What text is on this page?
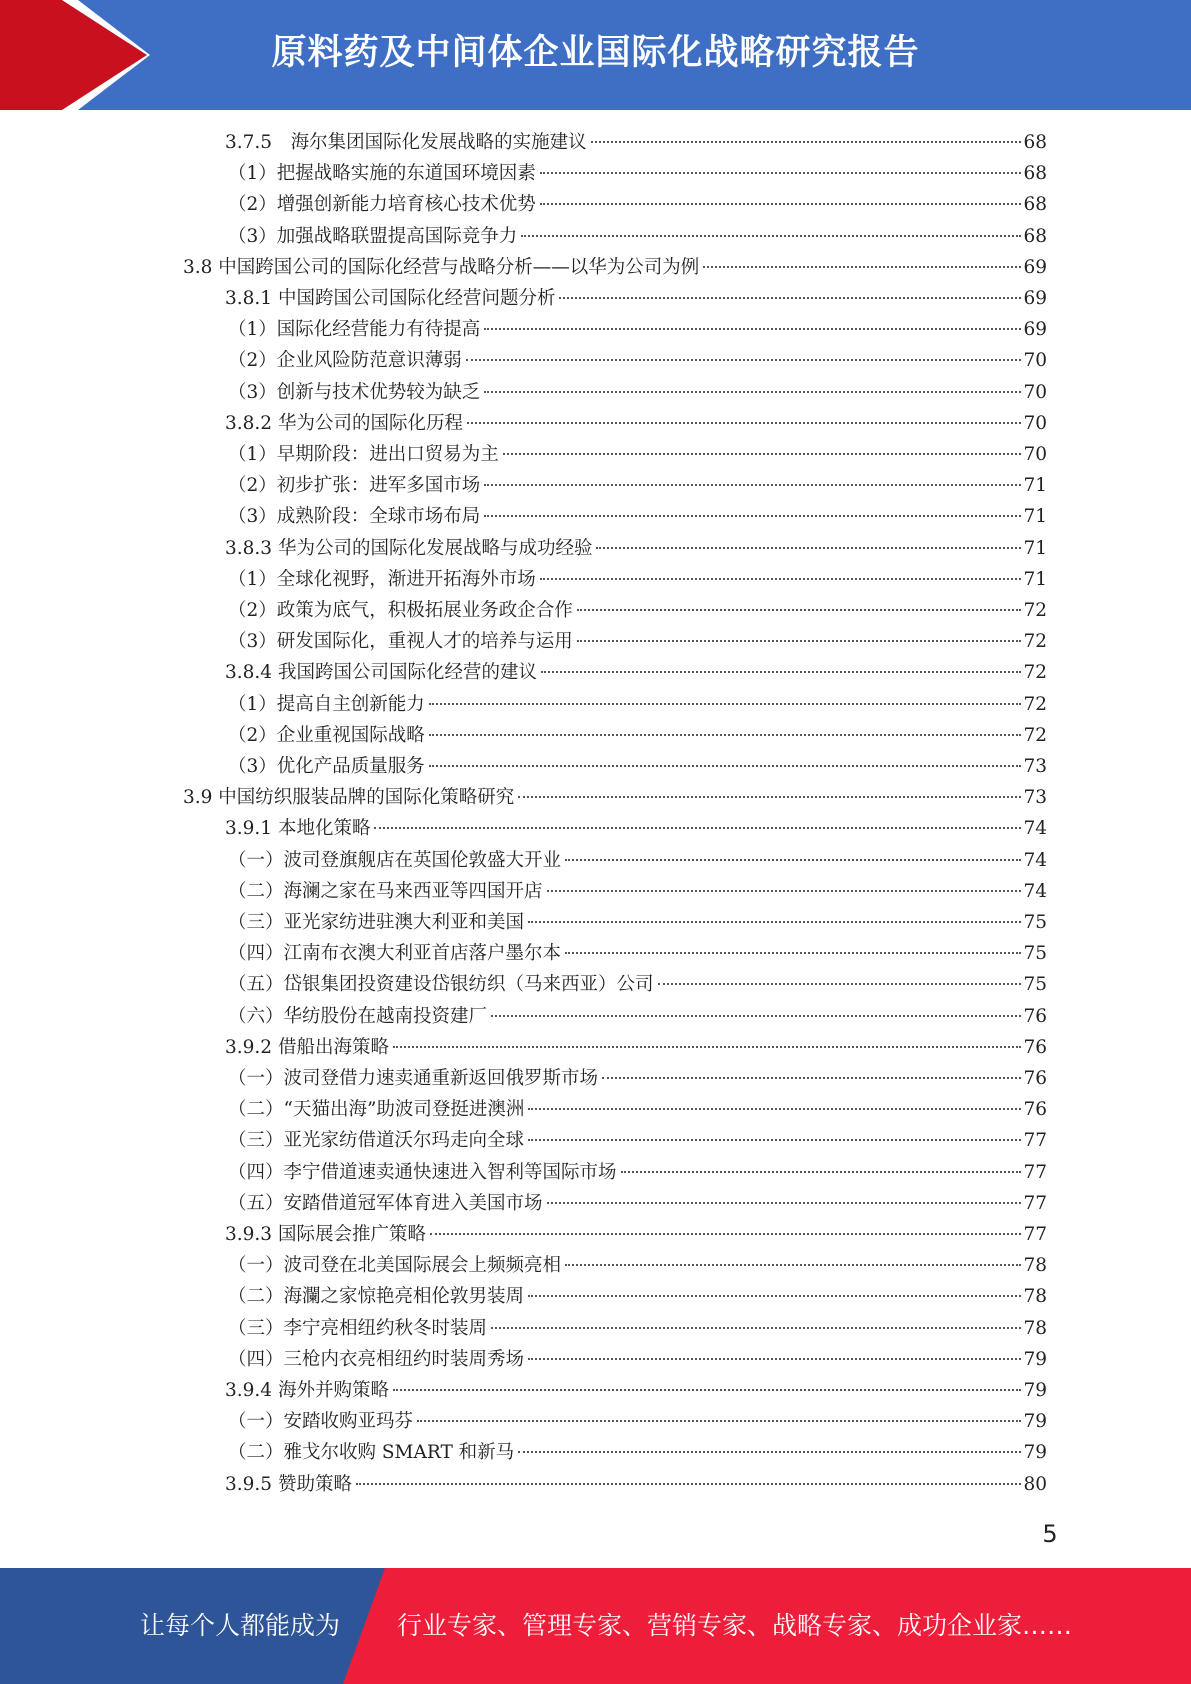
原料药及中间体企业国际化战略研究报告
3.7.5　海尔集团国际化发展战略的实施建议	68
（1）把握战略实施的东道国环境因素	68
（2）增强创新能力培育核心技术优势	68
（3）加强战略联盟提高国际竞争力	68
3.8 中国跨国公司的国际化经营与战略分析——以华为公司为例	69
3.8.1 中国跨国公司国际化经营问题分析	69
（1）国际化经营能力有待提高	69
（2）企业风险防范意识薄弱	70
（3）创新与技术优势较为缺乏	70
3.8.2 华为公司的国际化历程	70
（1）早期阶段：进出口贸易为主	70
（2）初步扩张：进军多国市场	71
（3）成熟阶段：全球市场布局	71
3.8.3 华为公司的国际化发展战略与成功经验	71
（1）全球化视野，渐进开拓海外市场	71
（2）政策为底气，积极拓展业务政企合作	72
（3）研发国际化，重视人才的培养与运用	72
3.8.4 我国跨国公司国际化经营的建议	72
（1）提高自主创新能力	72
（2）企业重视国际战略	72
（3）优化产品质量服务	73
3.9 中国纺织服装品牌的国际化策略研究	73
3.9.1 本地化策略	74
（一）波司登旗舰店在英国伦敦盛大开业	74
（二）海澜之家在马来西亚等四国开店	74
（三）亚光家纺进驻澳大利亚和美国	75
（四）江南布衣澳大利亚首店落户墨尔本	75
（五）岱银集团投资建设岱银纺织（马来西亚）公司	75
（六）华纺股份在越南投资建厂	76
3.9.2 借船出海策略	76
（一）波司登借力速卖通重新返回俄罗斯市场	76
（二）“天猫出海”助波司登挺进澳洲	76
（三）亚光家纺借道沃尔玛走向全球	77
（四）李宁借道速卖通快速进入智利等国际市场	77
（五）安踏借道冠军体育进入美国市场	77
3.9.3 国际展会推广策略	77
（一）波司登在北美国际展会上频频亮相	78
（二）海瀾之家惊艳亮相伦敦男装周	78
（三）李宁亮相纽约秋冬时装周	78
（四）三枪内衣亮相纽约时装周秀场	79
3.9.4 海外并购策略	79
（一）安踏收购亚玛芬	79
（二）雅戈尔收购 SMART 和新马	79
3.9.5 赞助策略	80
5
让每个人都能成为 行业专家、管理专家、营销专家、战略专家、成功企业家……
